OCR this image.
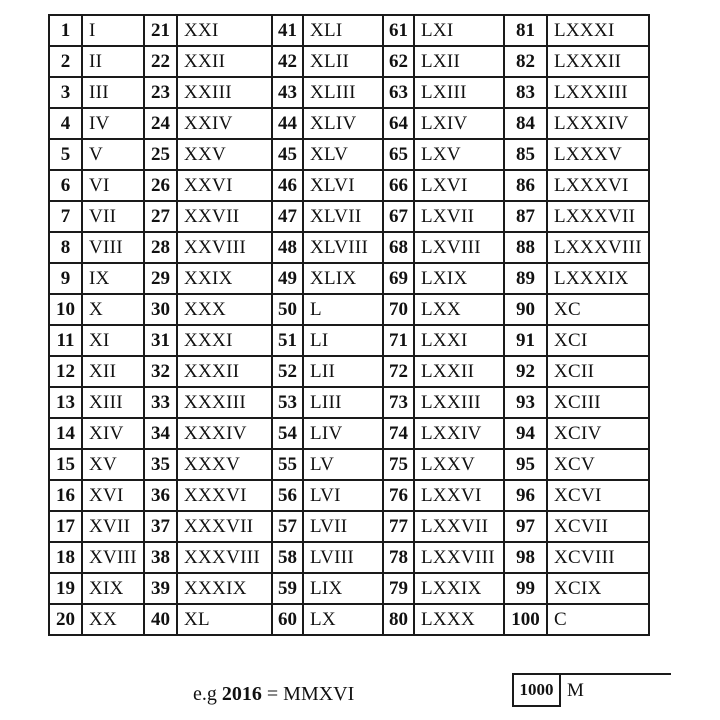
1	I	21	XXI	41	XLI	61	LXI	81	LXXXI
2	II	22	XXII	42	XLII	62	LXII	82	LXXXII
3	III	23	XXIII	43	XLIII	63	LXIII	83	LXXXIII
4	IV	24	XXIV	44	XLIV	64	LXIV	84	LXXXIV
5	V	25	XXV	45	XLV	65	LXV	85	LXXXV
6	VI	26	XXVI	46	XLVI	66	LXVI	86	LXXXVI
7	VII	27	XXVII	47	XLVII	67	LXVII	87	LXXXVII
8	VIII	28	XXVIII	48	XLVIII	68	LXVIII	88	LXXXVIII
9	IX	29	XXIX	49	XLIX	69	LXIX	89	LXXXIX
10	X	30	XXX	50	L	70	LXX	90	XC
11	XI	31	XXXI	51	LI	71	LXXI	91	XCI
12	XII	32	XXXII	52	LII	72	LXXII	92	XCII
13	XIII	33	XXXIII	53	LIII	73	LXXIII	93	XCIII
14	XIV	34	XXXIV	54	LIV	74	LXXIV	94	XCIV
15	XV	35	XXXV	55	LV	75	LXXV	95	XCV
16	XVI	36	XXXVI	56	LVI	76	LXXVI	96	XCVI
17	XVII	37	XXXVII	57	LVII	77	LXXVII	97	XCVII
18	XVIII	38	XXXVIII	58	LVIII	78	LXXVIII	98	XCVIII
19	XIX	39	XXXIX	59	LIX	79	LXXIX	99	XCIX
20	XX	40	XL	60	LX	80	LXXX	100	C
e.g 2016 = MMXVI	1000	M
